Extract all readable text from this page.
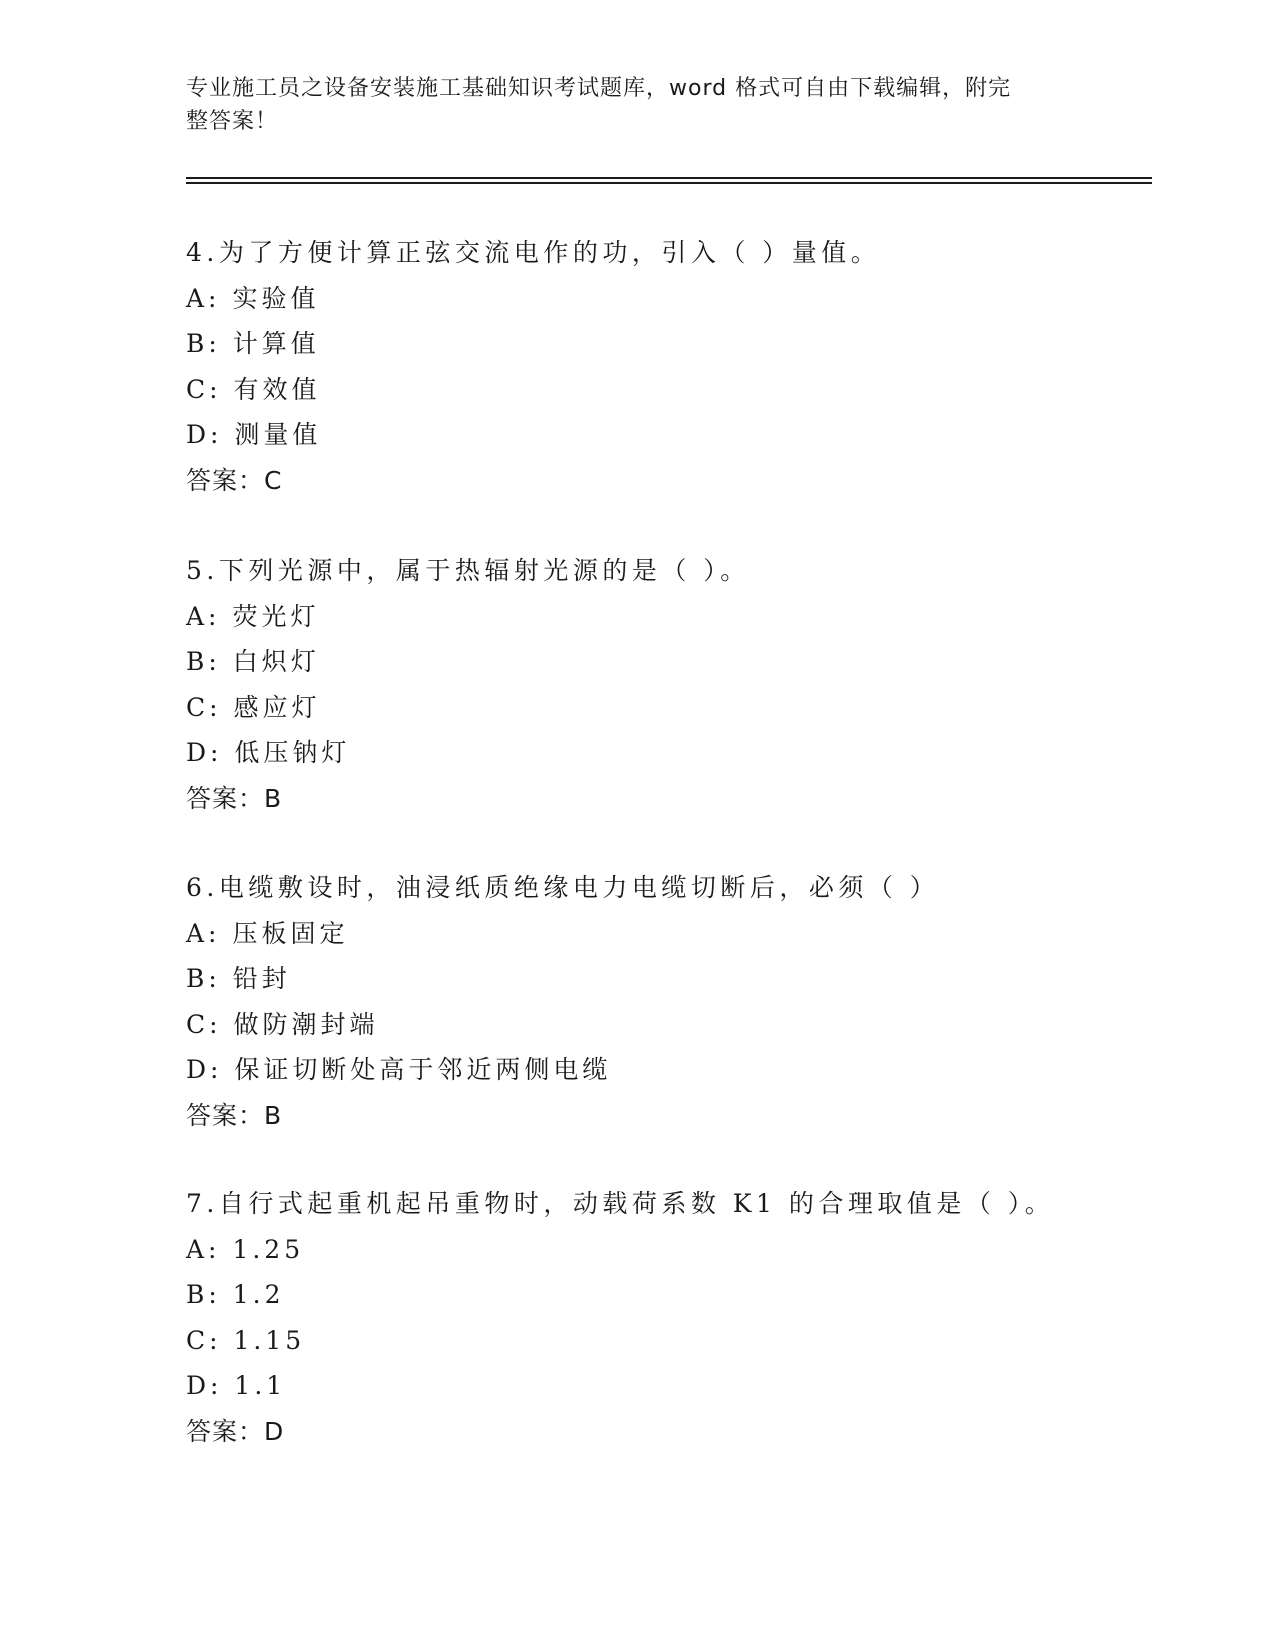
专业施工员之设备安装施工基础知识考试题库，word 格式可自由下载编辑，附完
整答案！
4.为了方便计算正弦交流电作的功，引入（ ）量值。
A: 实验值
B: 计算值
C: 有效值
D: 测量值
答案：C
5.下列光源中，属于热辐射光源的是（ ）。
A: 荧光灯
B: 白炽灯
C: 感应灯
D: 低压钠灯
答案：B
6.电缆敷设时，油浸纸质绝缘电力电缆切断后，必须（ ）
A: 压板固定
B: 铅封
C: 做防潮封端
D: 保证切断处高于邻近两侧电缆
答案：B
7.自行式起重机起吊重物时，动载荷系数 K1 的合理取值是（ ）。
A: 1.25
B: 1.2
C: 1.15
D: 1.1
答案：D
